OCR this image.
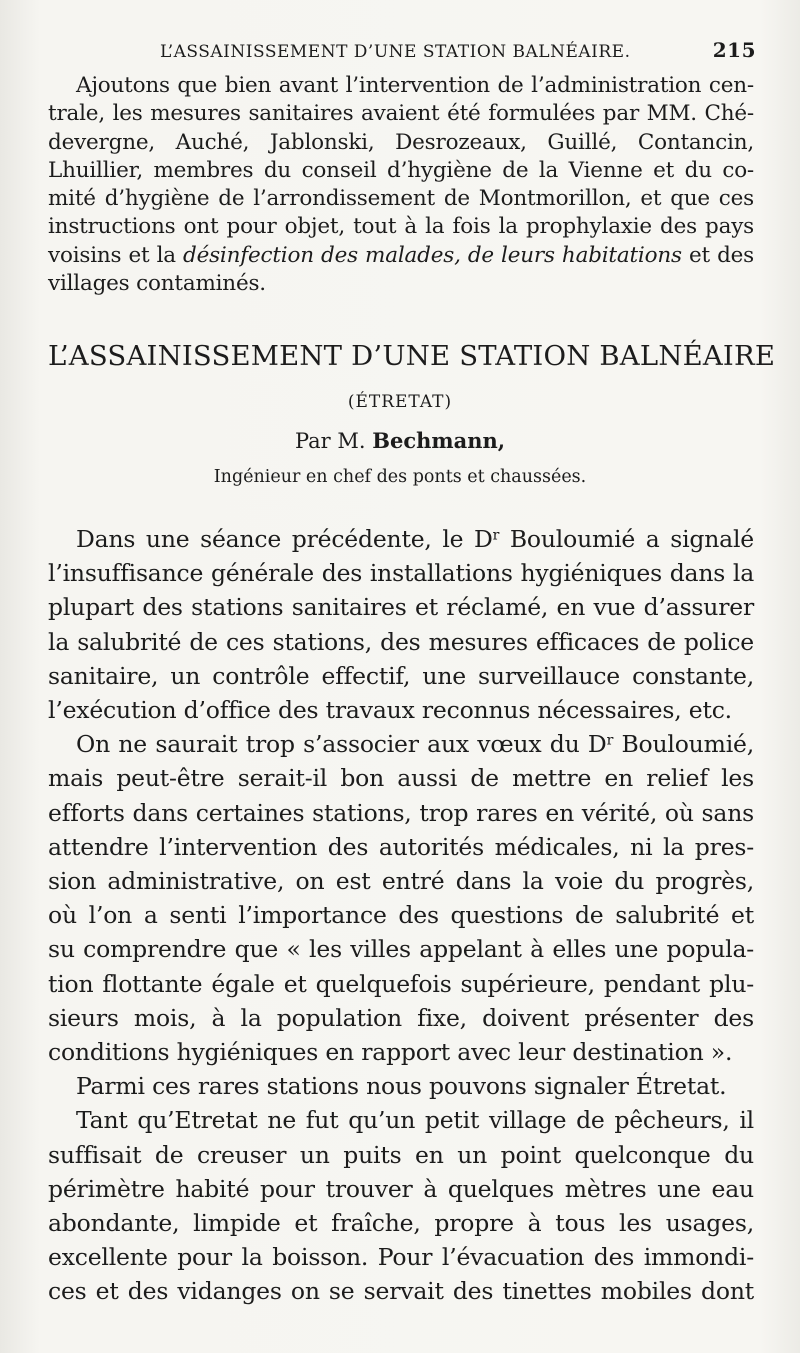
L’ASSAINISSEMENT D’UNE STATION BALNÉAIRE.	215
Ajoutons que bien avant l’intervention de l’administration cen-
trale, les mesures sanitaires avaient été formulées par MM. Ché-
devergne, Auché, Jablonski, Desrozeaux, Guillé, Contancin,
Lhuillier, membres du conseil d’hygiène de la Vienne et du co-
mité d’hygiène de l’arrondissement de Montmorillon, et que ces
instructions ont pour objet, tout à la fois la prophylaxie des pays
voisins et la désinfection des malades, de leurs habitations et des
villages contaminés.
L’ASSAINISSEMENT D’UNE STATION BALNÉAIRE
(ÉTRETAT)
Par M. Bechmann,
Ingénieur en chef des ponts et chaussées.
Dans une séance précédente, le $D^r$ Bouloumié a signalé
l’insuffisance générale des installations hygiéniques dans la
plupart des stations sanitaires et réclamé, en vue d’assurer
la salubrité de ces stations, des mesures efficaces de police
sanitaire, un contrôle effectif, une surveillauce constante,
l’exécution d’office des travaux reconnus nécessaires, etc.
On ne saurait trop s’associer aux vœux du $D^r$ Bouloumié,
mais peut-être serait-il bon aussi de mettre en relief les
efforts dans certaines stations, trop rares en vérité, où sans
attendre l’intervention des autorités médicales, ni la pres-
sion administrative, on est entré dans la voie du progrès,
où l’on a senti l’importance des questions de salubrité et
su comprendre que « les villes appelant à elles une popula-
tion flottante égale et quelquefois supérieure, pendant plu-
sieurs mois, à la population fixe, doivent présenter des
conditions hygiéniques en rapport avec leur destination ».
Parmi ces rares stations nous pouvons signaler Étretat.
Tant qu’Etretat ne fut qu’un petit village de pêcheurs, il
suffisait de creuser un puits en un point quelconque du
périmètre habité pour trouver à quelques mètres une eau
abondante, limpide et fraîche, propre à tous les usages,
excellente pour la boisson. Pour l’évacuation des immondi-
ces et des vidanges on se servait des tinettes mobiles dont
